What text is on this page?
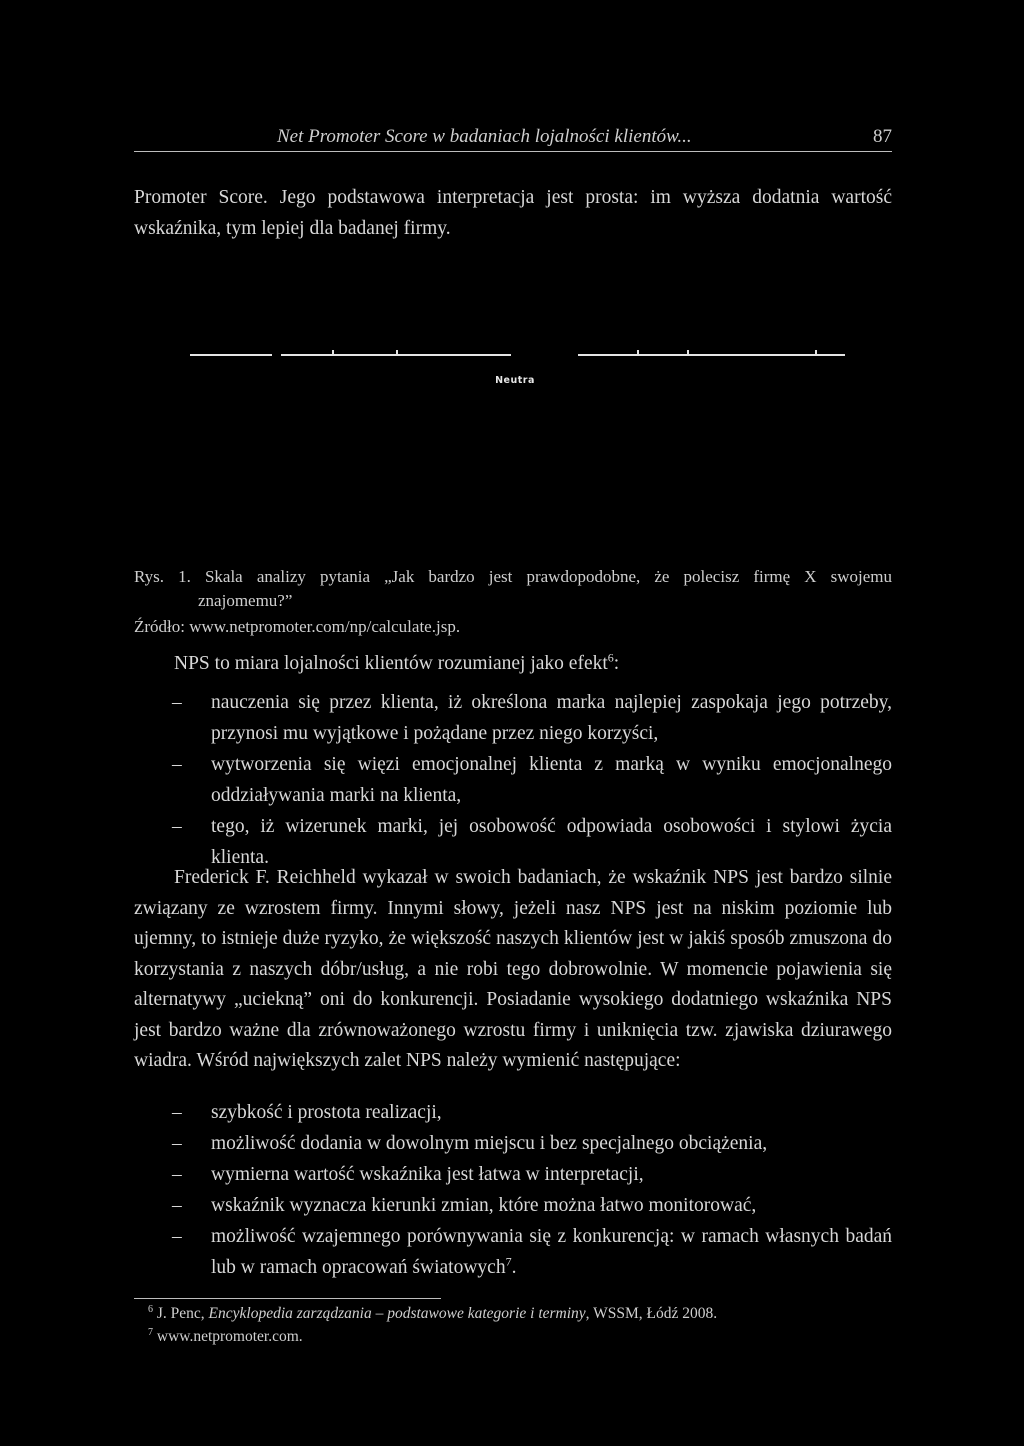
Net Promoter Score w badaniach lojalności klientów...	87
Promoter Score. Jego podstawowa interpretacja jest prosta: im wyższa dodatnia wartość wskaźnika, tym lepiej dla badanej firmy.
Neutra
Rys. 1. Skala analizy pytania „Jak bardzo jest prawdopodobne, że polecisz firmę X swojemu
znajomemu?”
Źródło: www.netpromoter.com/np/calculate.jsp.
NPS to miara lojalności klientów rozumianej jako efekt$^6$:
– nauczenia się przez klienta, iż określona marka najlepiej zaspokaja jego potrzeby, przynosi mu wyjątkowe i pożądane przez niego korzyści,
– wytworzenia się więzi emocjonalnej klienta z marką w wyniku emocjonalnego oddziaływania marki na klienta,
– tego, iż wizerunek marki, jej osobowość odpowiada osobowości i stylowi życia klienta.
Frederick F. Reichheld wykazał w swoich badaniach, że wskaźnik NPS jest bardzo silnie związany ze wzrostem firmy. Innymi słowy, jeżeli nasz NPS jest na niskim poziomie lub ujemny, to istnieje duże ryzyko, że większość naszych klientów jest w jakiś sposób zmuszona do korzystania z naszych dóbr/usług, a nie robi tego dobrowolnie. W momencie pojawienia się alternatywy „uciekną” oni do konkurencji. Posiadanie wysokiego dodatniego wskaźnika NPS jest bardzo ważne dla zrównoważonego wzrostu firmy i uniknięcia tzw. zjawiska dziurawego wiadra. Wśród największych zalet NPS należy wymienić następujące:
– szybkość i prostota realizacji,
– możliwość dodania w dowolnym miejscu i bez specjalnego obciążenia,
– wymierna wartość wskaźnika jest łatwa w interpretacji,
– wskaźnik wyznacza kierunki zmian, które można łatwo monitorować,
– możliwość wzajemnego porównywania się z konkurencją: w ramach własnych badań lub w ramach opracowań światowych$^7$.
$^6$ J. Penc, Encyklopedia zarządzania – podstawowe kategorie i terminy, WSSM, Łódź 2008.
$^7$ www.netpromoter.com.
